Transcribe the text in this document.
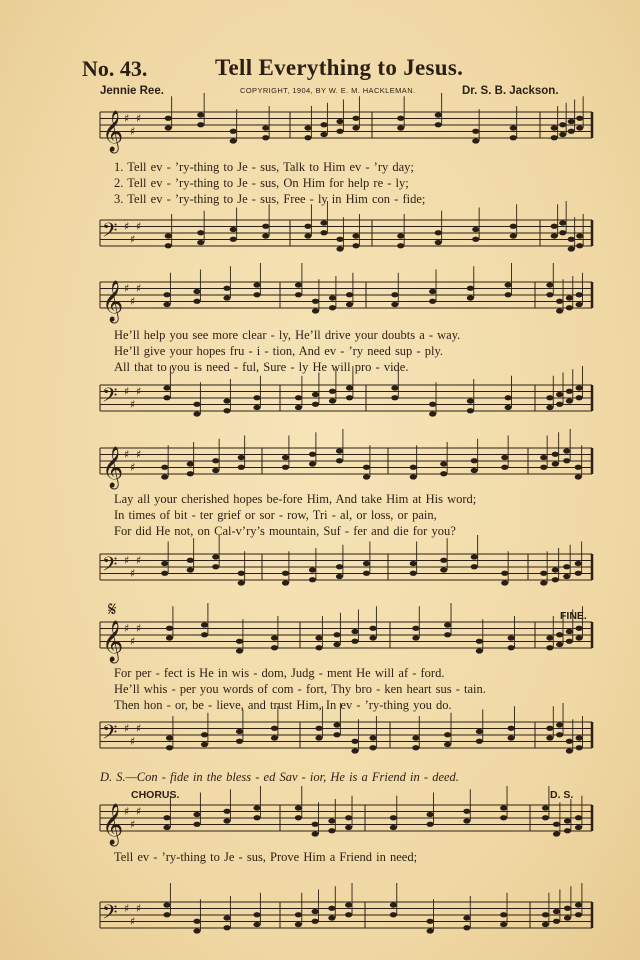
No. 43.	Tell Everything to Jesus.
Jennie Ree.	COPYRIGHT, 1904, BY W. E. M. HACKLEMAN.	Dr. S. B. Jackson.
𝄞 ♯
♯
♯
𝄞 ♯
♯
♯
𝄞 ♯
♯
♯
𝄞 ♯
♯
♯
𝄞 ♯
♯
♯
𝄢 ♯
♯
♯
𝄢 ♯
♯
♯
𝄢 ♯
♯
♯
𝄢 ♯
♯
♯
𝄢 ♯
♯
♯
𝄋
1. Tell ev - ’ry-thing to Je - sus, Talk to Him ev - ’ry day;
2. Tell ev - ’ry-thing to Je - sus, On Him for help re - ly;
3. Tell ev - ’ry-thing to Je - sus, Free - ly in Him con - fide;
He’ll help you see more clear - ly, He’ll drive your doubts a - way.
He’ll give your hopes fru - i - tion, And ev - ’ry need sup - ply.
All that to you is need - ful, Sure - ly He will pro - vide.
Lay all your cherished hopes be-fore Him, And take Him at His word;
In times of bit - ter grief or sor - row, Tri - al, or loss, or pain,
For did He not, on Cal-v’ry’s mountain, Suf - fer and die for you?
FINE.
For per - fect is He in wis - dom, Judg - ment He will af - ford.
He’ll whis - per you words of com - fort, Thy bro - ken heart sus - tain.
Then hon - or, be - lieve, and trust Him, In ev - ’ry-thing you do.
D. S.—Con - fide in the bless - ed Sav - ior, He is a Friend in - deed.
CHORUS.	D. S.
Tell ev - ’ry-thing to Je - sus, Prove Him a Friend in need;
